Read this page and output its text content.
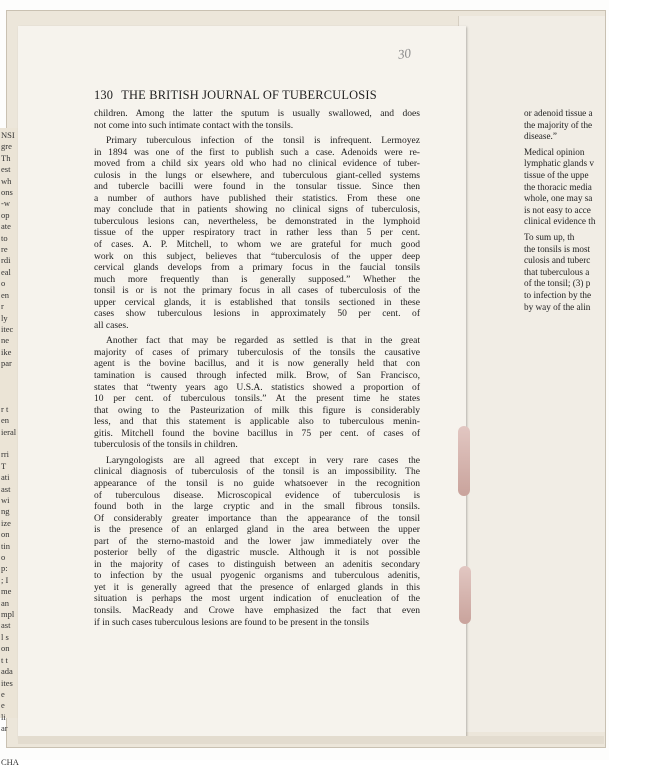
NSI
gre
Th
est
wh
ons
-w
op
ate
to
re
rdi
eal
o
en
r
ly
itec
ne
ike
par

r t
en
ieral

rri
T
ati
ast
wi
ng
ize
on
tin
o
p:
; I
me
an
mpl
ast
l s
on
t t
ada
ites
e
e
li
ar

CHA

or adenoid tissue a

the majority of the

disease.”

Medical opinion

lymphatic glands v

tissue of the uppe

the thoracic media

whole, one may sa

is not easy to acce

clinical evidence th

To sum up, th

the tonsils is most

culosis and tuberc

that tuberculous a

of the tonsil; (3) p

to infection by the

by way of the alin

30
130 THE BRITISH JOURNAL OF TUBERCULOSIS

children. Among the latter the sputum is usually swallowed, and does
not come into such intimate contact with the tonsils.

Primary tuberculous infection of the tonsil is infrequent. Lermoyez
in 1894 was one of the first to publish such a case. Adenoids were re-
moved from a child six years old who had no clinical evidence of tuber-
culosis in the lungs or elsewhere, and tuberculous giant-celled systems
and tubercle bacilli were found in the tonsular tissue. Since then
a number of authors have published their statistics. From these one
may conclude that in patients showing no clinical signs of tuberculosis,
tuberculous lesions can, nevertheless, be demonstrated in the lymphoid
tissue of the upper respiratory tract in rather less than 5 per cent.
of cases. A. P. Mitchell, to whom we are grateful for much good
work on this subject, believes that “tuberculosis of the upper deep
cervical glands develops from a primary focus in the faucial tonsils
much more frequently than is generally supposed.” Whether the
tonsil is or is not the primary focus in all cases of tuberculosis of the
upper cervical glands, it is established that tonsils sectioned in these
cases show tuberculous lesions in approximately 50 per cent. of
all cases.

Another fact that may be regarded as settled is that in the great
majority of cases of primary tuberculosis of the tonsils the causative
agent is the bovine bacillus, and it is now generally held that con
tamination is caused through infected milk. Brow, of San Francisco,
states that “twenty years ago U.S.A. statistics showed a proportion of
10 per cent. of tuberculous tonsils.” At the present time he states
that owing to the Pasteurization of milk this figure is considerably
less, and that this statement is applicable also to tuberculous menin-
gitis. Mitchell found the bovine bacillus in 75 per cent. of cases of
tuberculosis of the tonsils in children.

Laryngologists are all agreed that except in very rare cases the
clinical diagnosis of tuberculosis of the tonsil is an impossibility. The
appearance of the tonsil is no guide whatsoever in the recognition
of tuberculous disease. Microscopical evidence of tuberculosis is
found both in the large cryptic and in the small fibrous tonsils.
Of considerably greater importance than the appearance of the tonsil
is the presence of an enlarged gland in the area between the upper
part of the sterno-mastoid and the lower jaw immediately over the
posterior belly of the digastric muscle. Although it is not possible
in the majority of cases to distinguish between an adenitis secondary
to infection by the usual pyogenic organisms and tuberculous adenitis,
yet it is generally agreed that the presence of enlarged glands in this
situation is perhaps the most urgent indication of enucleation of the
tonsils. MacReady and Crowe have emphasized the fact that even
if in such cases tuberculous lesions are found to be present in the tonsils
